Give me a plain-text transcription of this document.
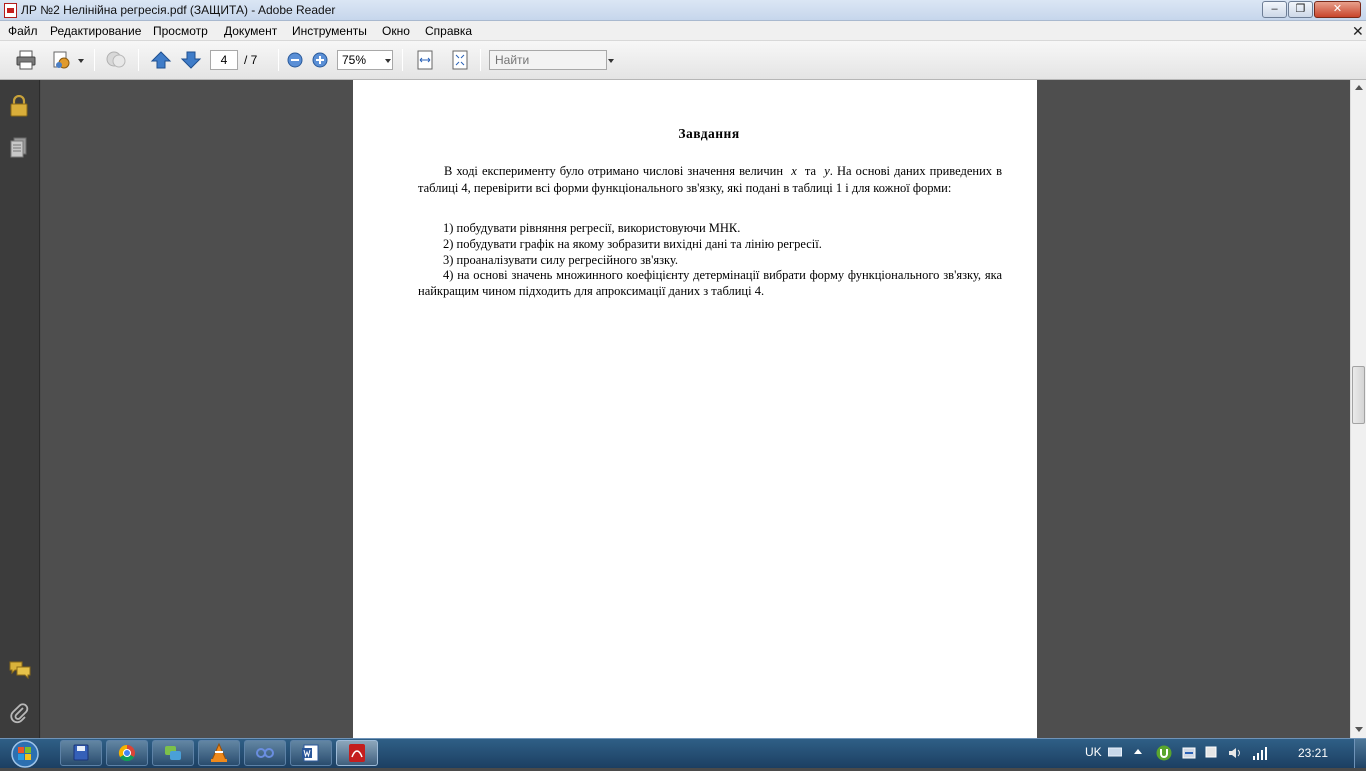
ЛР №2 Нелінійна регресія.pdf (ЗАЩИТА) - Adobe Reader	–	❐	✕
Файл Редактирование Просмотр Документ Инструменты Окно Справка	✕
4
/ 7	75%
Найти
Завдання
В ході експерименту було отримано числові значення величин x та y. На основі даних приведених в таблиці 4, перевірити всі форми функціонального зв'язку, які подані в таблиці 1 і для кожної форми:
1) побудувати рівняння регресії, використовуючи МНК.
2) побудувати графік на якому зобразити вихідні дані та лінію регресії.
3) проаналізувати силу регресійного зв'язку.
4) на основі значень множинного коефіцієнту детермінації вибрати форму функціонального зв'язку, яка найкращим чином підходить для апроксимації даних з таблиці 4.
UK	23:21
